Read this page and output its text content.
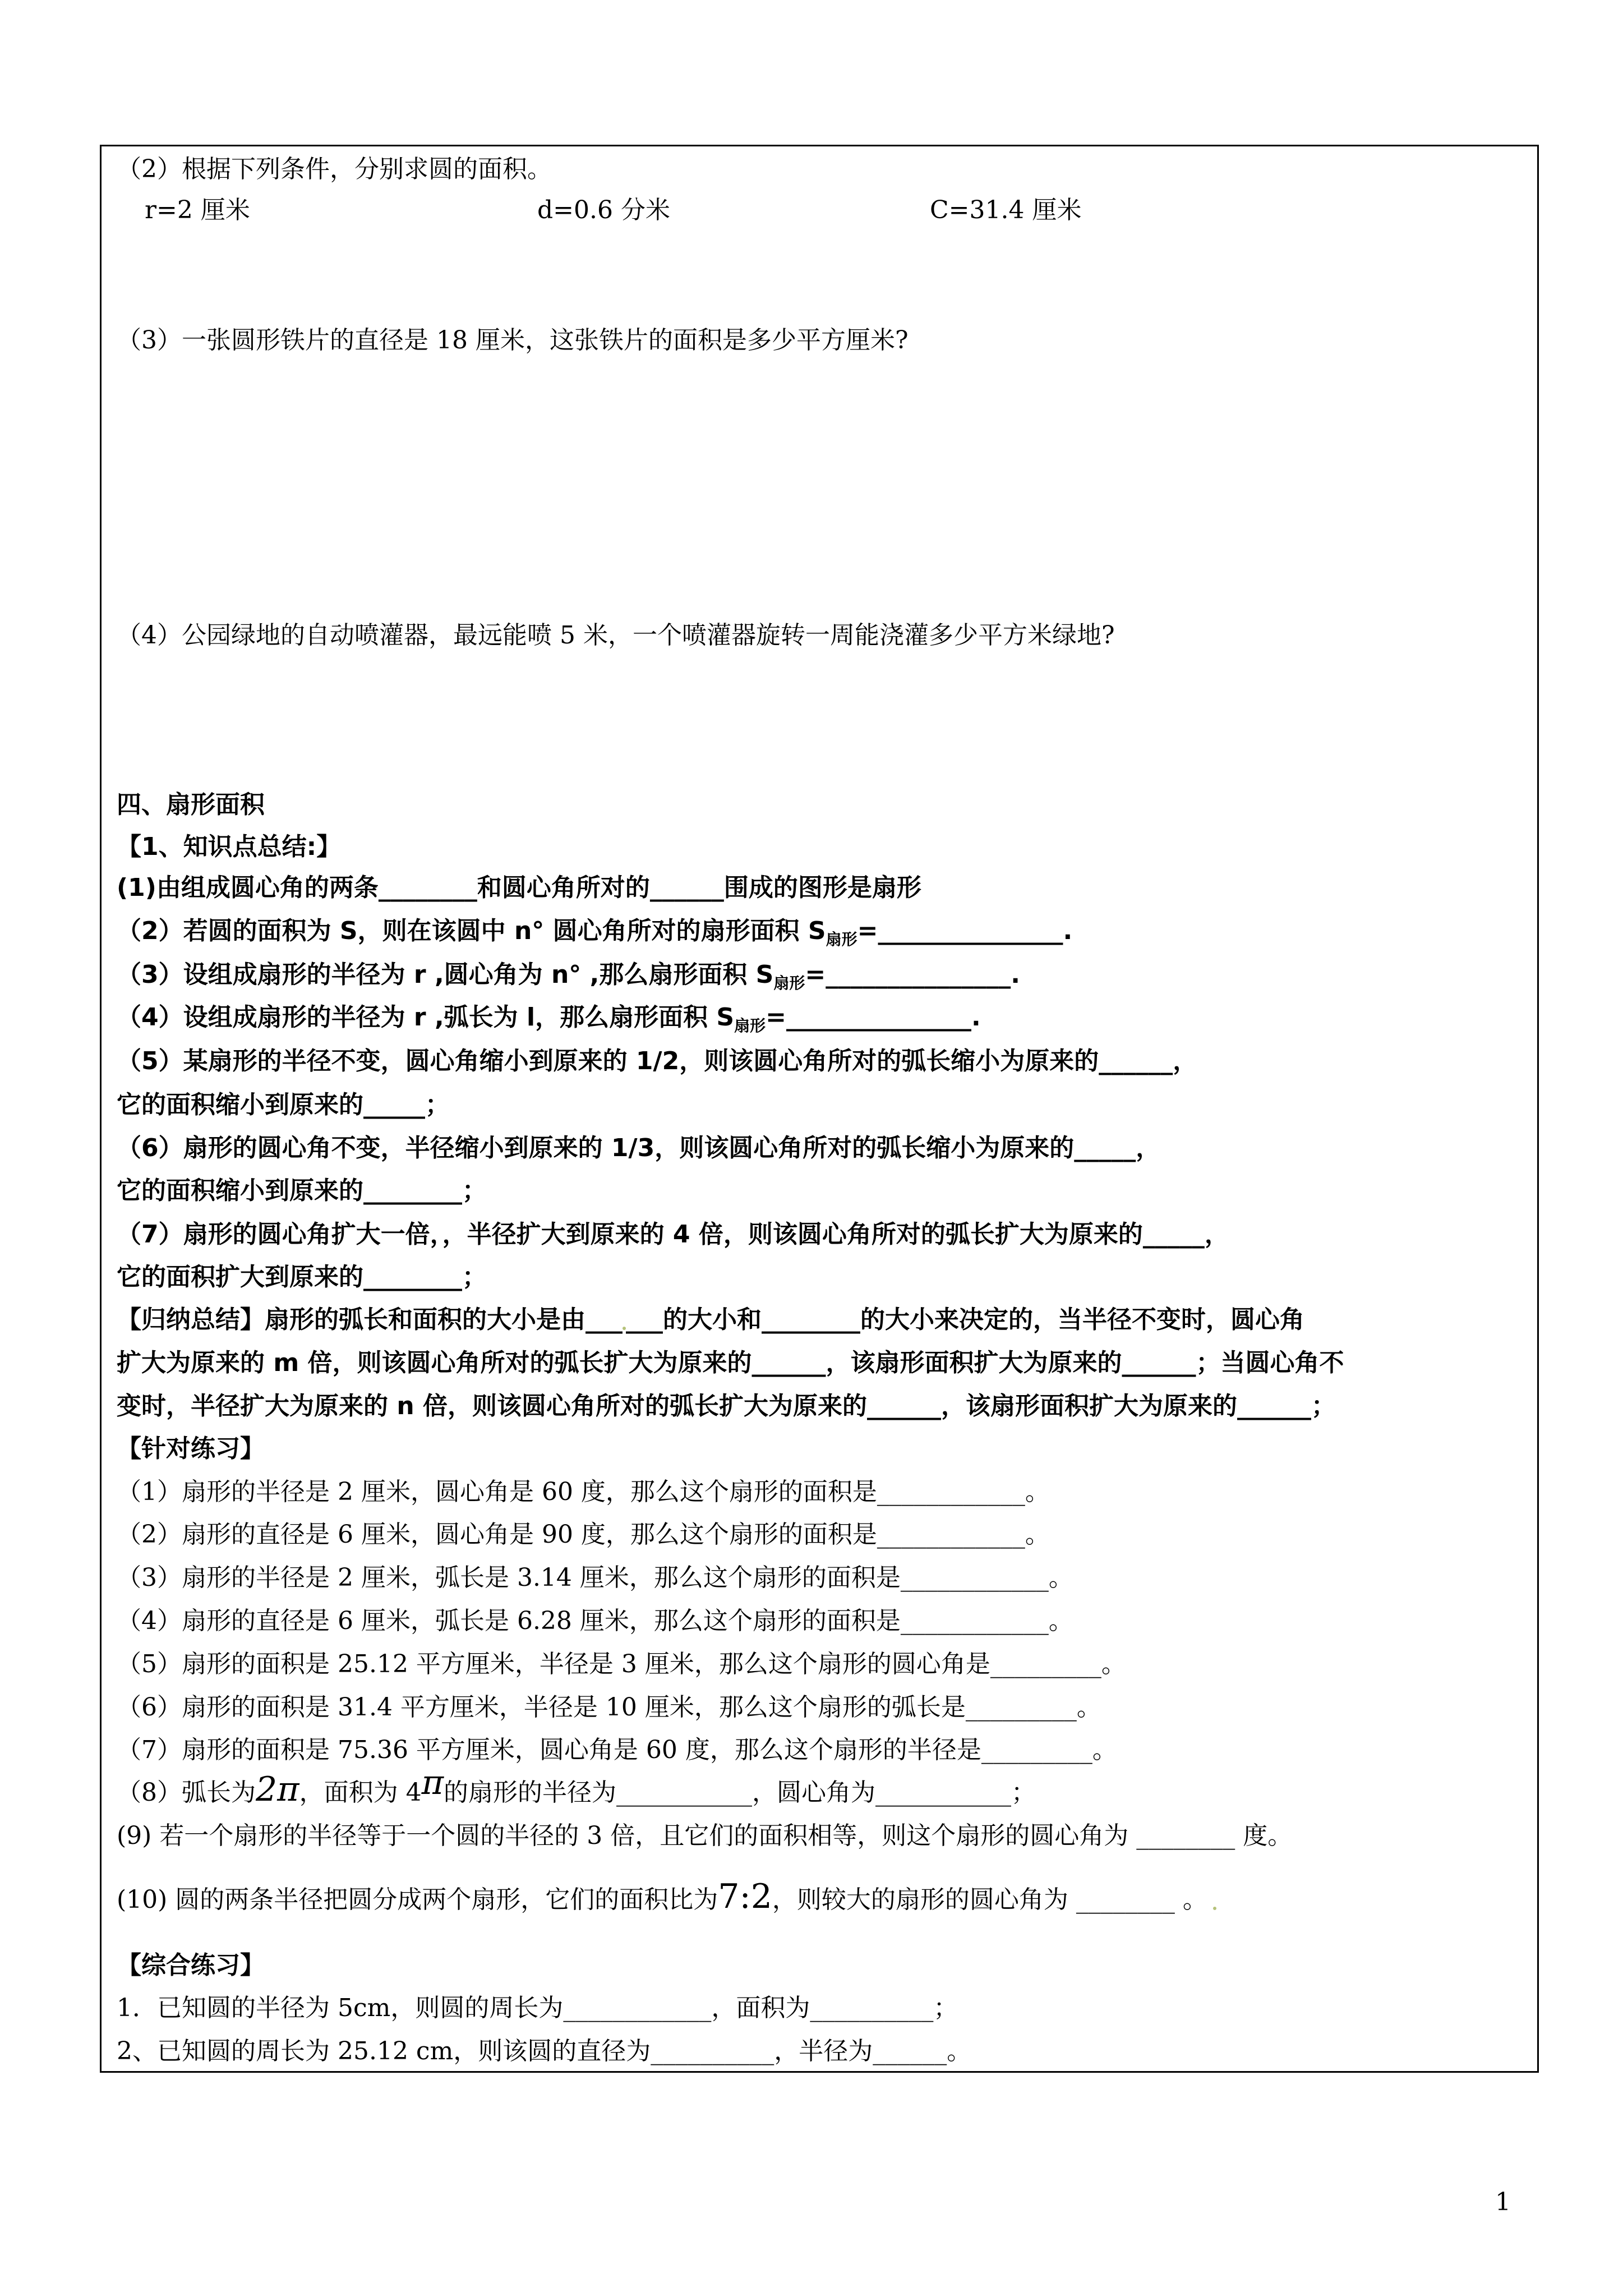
（2）根据下列条件，分别求圆的面积。
r=2 厘米	d=0.6 分米	C=31.4 厘米
（3）一张圆形铁片的直径是 18 厘米，这张铁片的面积是多少平方厘米?
（4）公园绿地的自动喷灌器，最远能喷 5 米，一个喷灌器旋转一周能浇灌多少平方米绿地?
四、扇形面积
【1、知识点总结:】
(1)由组成圆心角的两条________和圆心角所对的______围成的图形是扇形
（2）若圆的面积为 S，则在该圆中 n° 圆心角所对的扇形面积 $S_{扇形}=\_\_\_\_\_\_\_\_\_\_\_\_\_\_\_$.
（3）设组成扇形的半径为 r ,圆心角为 n° ,那么扇形面积 $S_{扇形}=\_\_\_\_\_\_\_\_\_\_\_\_\_\_\_$.
（4）设组成扇形的半径为 r ,弧长为 l，那么扇形面积 $S_{扇形}=\_\_\_\_\_\_\_\_\_\_\_\_\_\_\_$.
（5）某扇形的半径不变，圆心角缩小到原来的 1/2，则该圆心角所对的弧长缩小为原来的______，
它的面积缩小到原来的_____；
（6）扇形的圆心角不变，半径缩小到原来的 1/3，则该圆心角所对的弧长缩小为原来的_____，
它的面积缩小到原来的________；
（7）扇形的圆心角扩大一倍，，半径扩大到原来的 4 倍，则该圆心角所对的弧长扩大为原来的_____，
它的面积扩大到原来的________；
【归纳总结】扇形的弧长和面积的大小是由___ ___的大小和________的大小来决定的，当半径不变时，圆心角
扩大为原来的 m 倍，则该圆心角所对的弧长扩大为原来的______，该扇形面积扩大为原来的______；当圆心角不
变时，半径扩大为原来的 n 倍，则该圆心角所对的弧长扩大为原来的______，该扇形面积扩大为原来的______；
【针对练习】
（1）扇形的半径是 2 厘米，圆心角是 60 度，那么这个扇形的面积是____________。
（2）扇形的直径是 6 厘米，圆心角是 90 度，那么这个扇形的面积是____________。
（3）扇形的半径是 2 厘米，弧长是 3.14 厘米，那么这个扇形的面积是____________。
（4）扇形的直径是 6 厘米，弧长是 6.28 厘米，那么这个扇形的面积是____________。
（5）扇形的面积是 25.12 平方厘米，半径是 3 厘米，那么这个扇形的圆心角是_________。
（6）扇形的面积是 31.4 平方厘米，半径是 10 厘米，那么这个扇形的弧长是_________。
（7）扇形的面积是 75.36 平方厘米，圆心角是 60 度，那么这个扇形的半径是_________。
（8）弧长为2π，面积为 4π的扇形的半径为___________，圆心角为___________；
(9) 若一个扇形的半径等于一个圆的半径的 3 倍，且它们的面积相等，则这个扇形的圆心角为 ________ 度。
(10) 圆的两条半径把圆分成两个扇形，它们的面积比为7:2，则较大的扇形的圆心角为 ________ 。
【综合练习】
1．已知圆的半径为 5cm，则圆的周长为____________，面积为__________；
2、已知圆的周长为 25.12 cm，则该圆的直径为__________，半径为______。
1
